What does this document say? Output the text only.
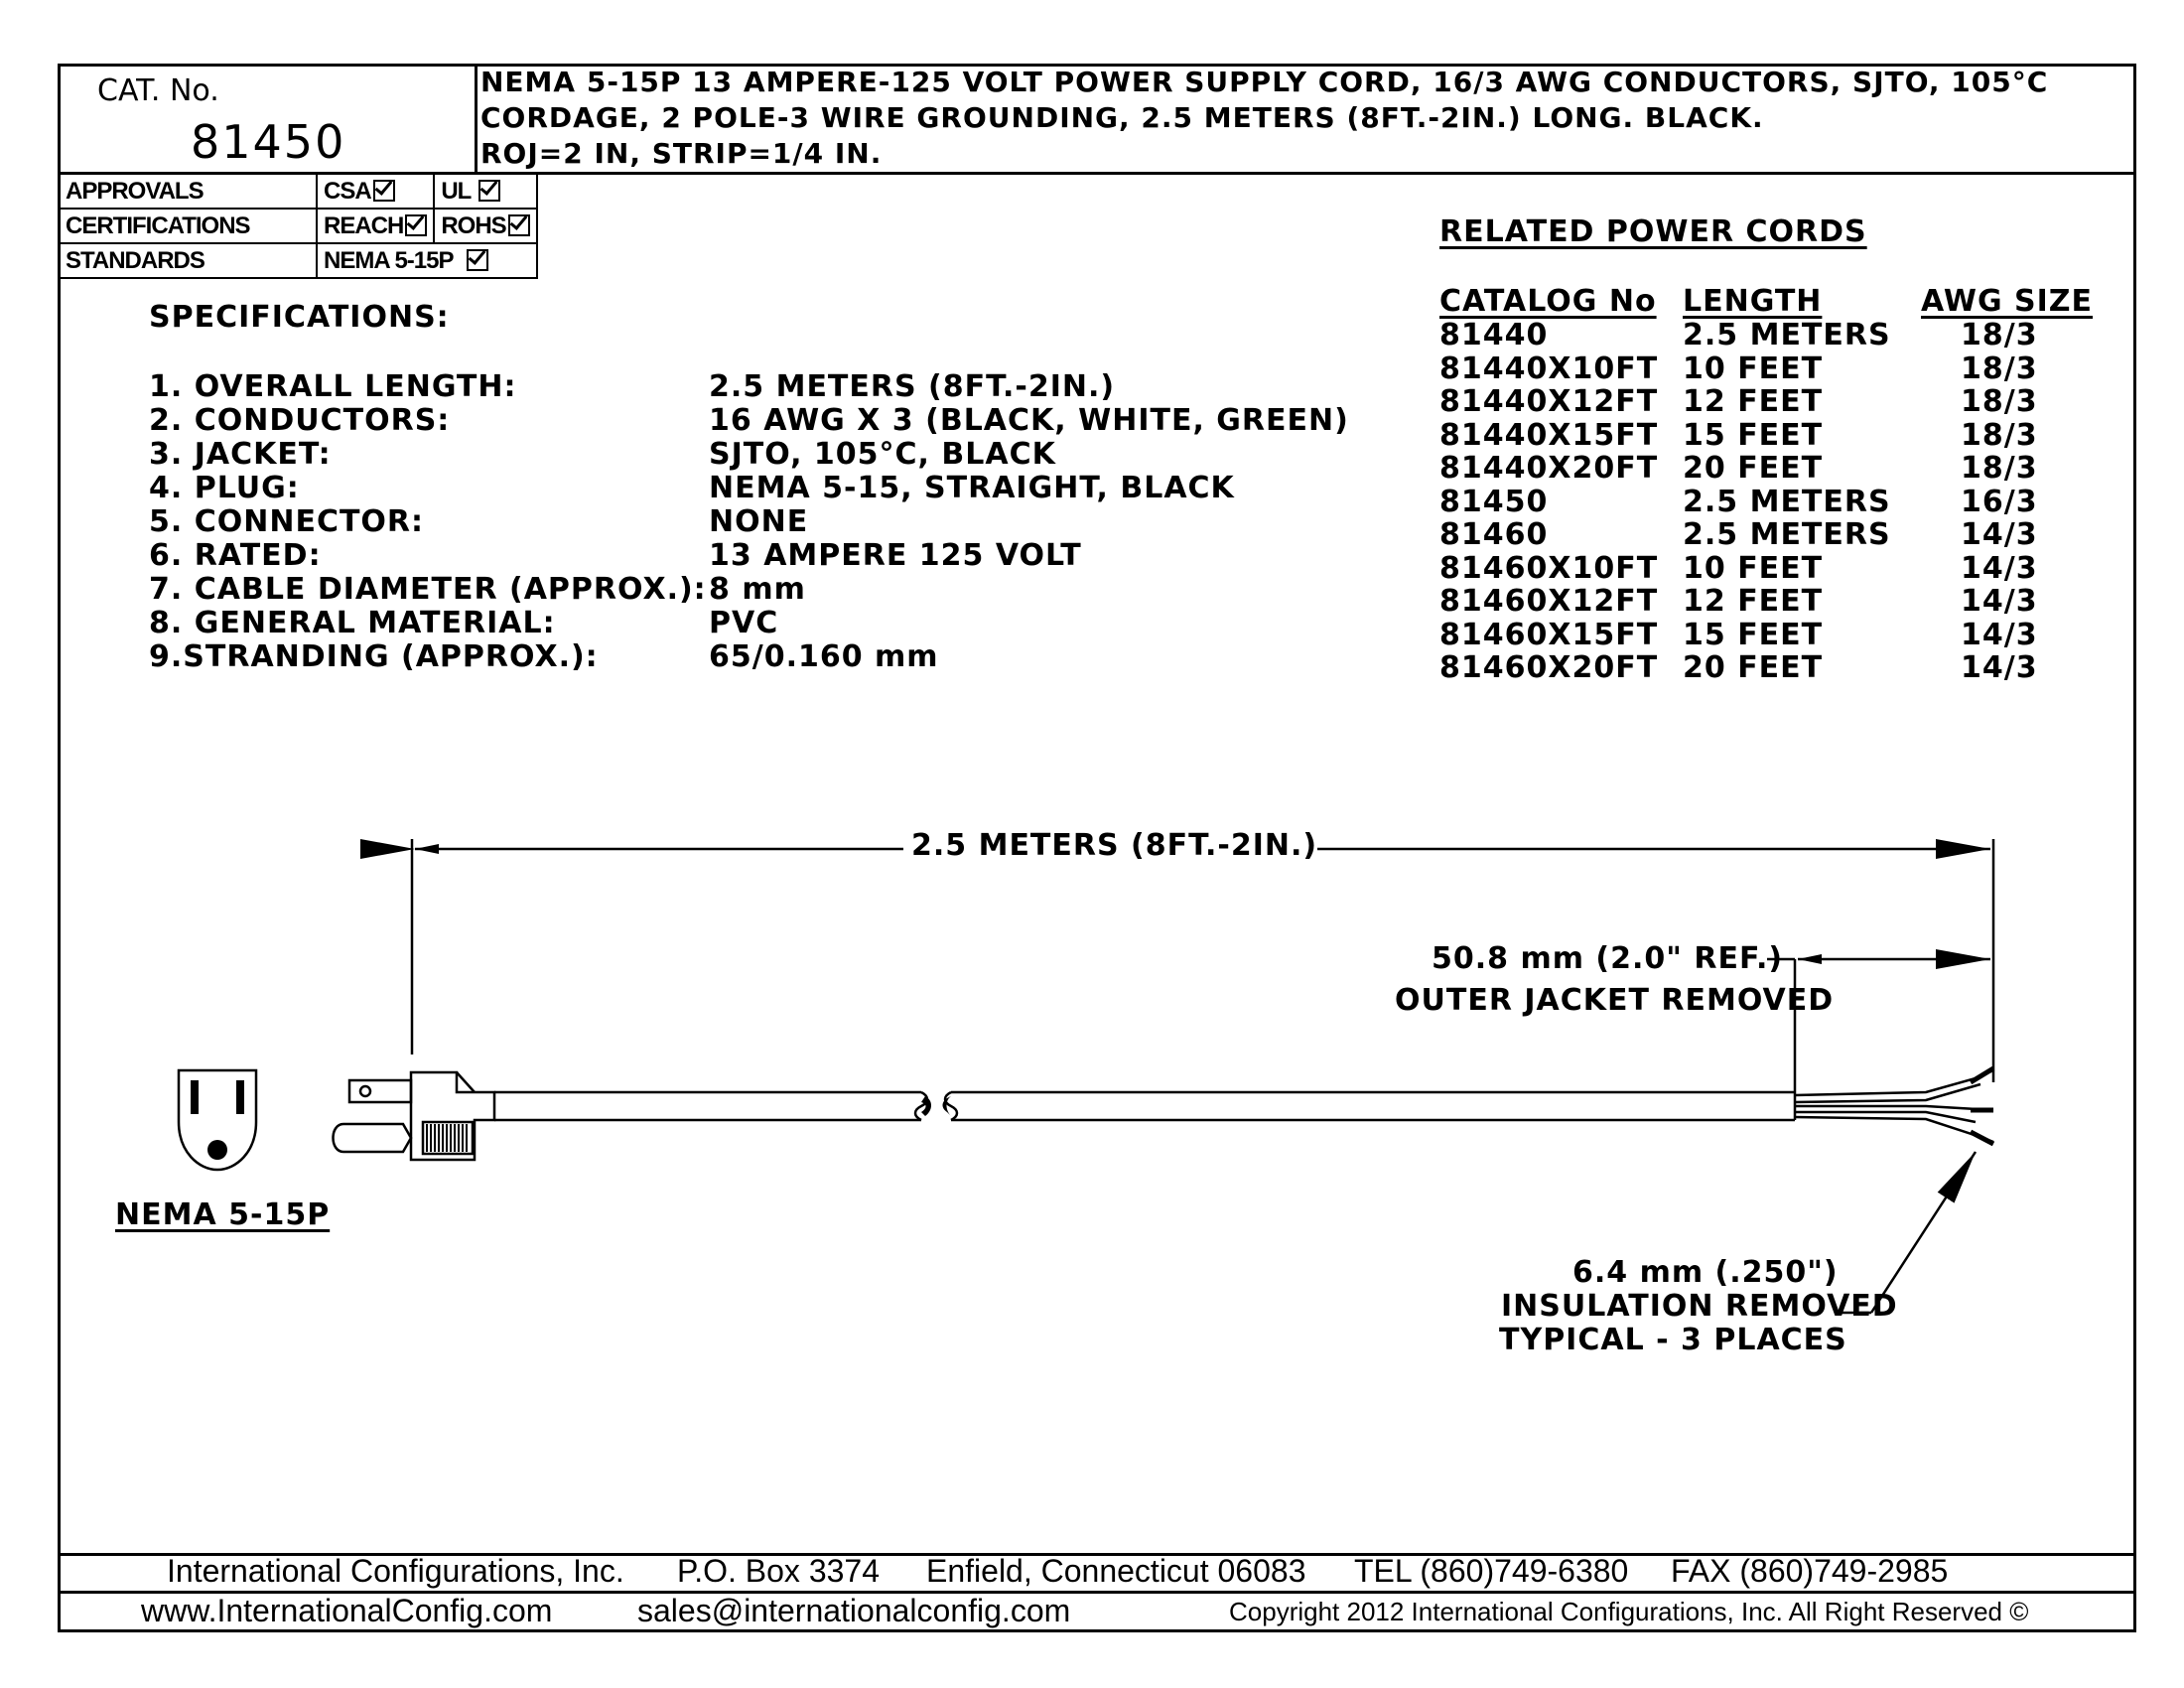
CAT. No.
81450
NEMA 5-15P 13 AMPERE-125 VOLT POWER SUPPLY CORD, 16/3 AWG CONDUCTORS, SJTO, 105°C
CORDAGE, 2 POLE-3 WIRE GROUNDING, 2.5 METERS (8FT.-2IN.) LONG. BLACK.
ROJ=2 IN, STRIP=1/4 IN.
APPROVALS	CSA	UL
CERTIFICATIONS	REACH	ROHS
STANDARDS	NEMA 5-15P	
SPECIFICATIONS:
1. OVERALL LENGTH:	2.5 METERS (8FT.-2IN.)
2. CONDUCTORS:	16 AWG X 3 (BLACK, WHITE, GREEN)
3. JACKET:	SJTO, 105°C, BLACK
4. PLUG:	NEMA 5-15, STRAIGHT, BLACK
5. CONNECTOR:	NONE
6. RATED:	13 AMPERE 125 VOLT
7. CABLE DIAMETER (APPROX.): 8 mm
8. GENERAL MATERIAL:	PVC
9.STRANDING (APPROX.):	65/0.160 mm
RELATED POWER CORDS
CATALOG No LENGTH	AWG SIZE
81440	2.5 METERS 18/3
81440X10FT 10 FEET	18/3
81440X12FT 12 FEET	18/3
81440X15FT 15 FEET	18/3
81440X20FT 20 FEET	18/3
81450	2.5 METERS 16/3
81460	2.5 METERS 14/3
81460X10FT 10 FEET	14/3
81460X12FT 12 FEET	14/3
81460X15FT 15 FEET	14/3
81460X20FT 20 FEET	14/3
2.5 METERS (8FT.-2IN.)
50.8 mm (2.0" REF.)
OUTER JACKET REMOVED
6.4 mm (.250")
INSULATION REMOVED
TYPICAL - 3 PLACES
NEMA 5-15P
International Configurations, Inc. P.O. Box 3374 Enfield, Connecticut 06083 TEL (860)749-6380 FAX (860)749-2985
www.InternationalConfig.com	sales@internationalconfig.com	Copyright 2012 International Configurations, Inc. All Right Reserved ©
